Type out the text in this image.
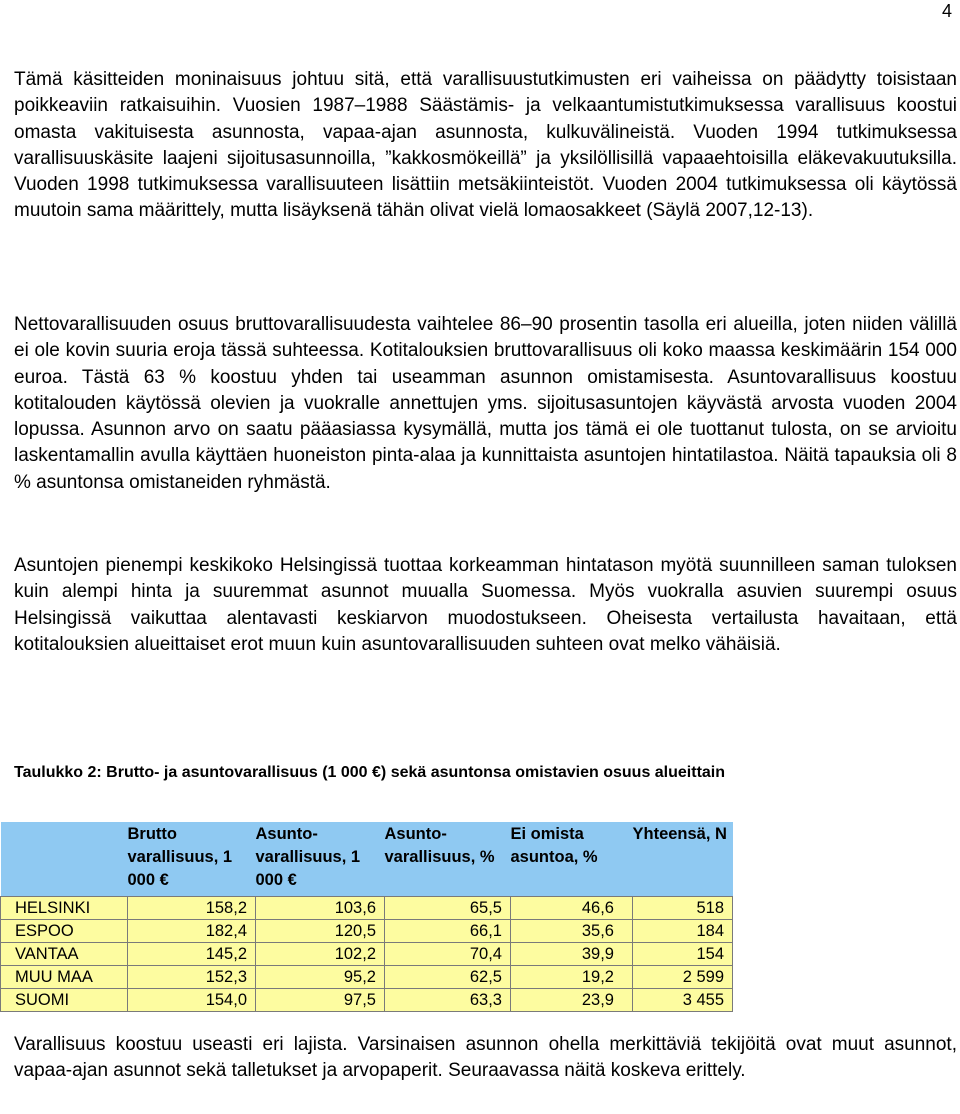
4

Tämä käsitteiden moninaisuus johtuu sitä, että varallisuustutkimusten eri vaiheissa on päädytty toisistaan poikkeaviin ratkaisuihin. Vuosien 1987–1988 Säästämis- ja velkaantumistutkimuksessa varallisuus koostui omasta vakituisesta asunnosta, vapaa-ajan asunnosta, kulkuvälineistä. Vuoden 1994 tutkimuksessa varallisuuskäsite laajeni sijoitusasunnoilla, ”kakkosmökeillä” ja yksilöllisillä vapaaehtoisilla eläkevakuutuksilla. Vuoden 1998 tutkimuksessa varallisuuteen lisättiin metsäkiinteistöt. Vuoden 2004 tutkimuksessa oli käytössä muutoin sama määrittely, mutta lisäyksenä tähän olivat vielä lomaosakkeet (Säylä 2007,12-13).

Nettovarallisuuden osuus bruttovarallisuudesta vaihtelee 86–90 prosentin tasolla eri alueilla, joten niiden välillä ei ole kovin suuria eroja tässä suhteessa. Kotitalouksien bruttovarallisuus oli koko maassa keskimäärin 154 000 euroa. Tästä 63 % koostuu yhden tai useamman asunnon omistamisesta. Asuntovarallisuus koostuu kotitalouden käytössä olevien ja vuokralle annettujen yms. sijoitusasuntojen käyvästä arvosta vuoden 2004 lopussa. Asunnon arvo on saatu pääasiassa kysymällä, mutta jos tämä ei ole tuottanut tulosta, on se arvioitu laskentamallin avulla käyttäen huoneiston pinta-alaa ja kunnittaista asuntojen hintatilastoa. Näitä tapauksia oli 8 % asuntonsa omistaneiden ryhmästä.

Asuntojen pienempi keskikoko Helsingissä tuottaa korkeamman hintatason myötä suunnilleen saman tuloksen kuin alempi hinta ja suuremmat asunnot muualla Suomessa. Myös vuokralla asuvien suurempi osuus Helsingissä vaikuttaa alentavasti keskiarvon muodostukseen. Oheisesta vertailusta havaitaan, että kotitalouksien alueittaiset erot muun kuin asuntovarallisuuden suhteen ovat melko vähäisiä.

Taulukko 2: Brutto- ja asuntovarallisuus (1 000 €) sekä asuntonsa omistavien osuus alueittain

	Brutto varallisuus, 1 000 €	Asunto-varallisuus, 1 000 €	Asunto-varallisuus, %	Ei omista asuntoa, %	Yhteensä, N
HELSINKI	158,2	103,6	65,5	46,6	518
ESPOO	182,4	120,5	66,1	35,6	184
VANTAA	145,2	102,2	70,4	39,9	154
MUU MAA	152,3	95,2	62,5	19,2	2 599
SUOMI	154,0	97,5	63,3	23,9	3 455

Varallisuus koostuu useasti eri lajista. Varsinaisen asunnon ohella merkittäviä tekijöitä ovat muut asunnot, vapaa-ajan asunnot sekä talletukset ja arvopaperit. Seuraavassa näitä koskeva erittely.
